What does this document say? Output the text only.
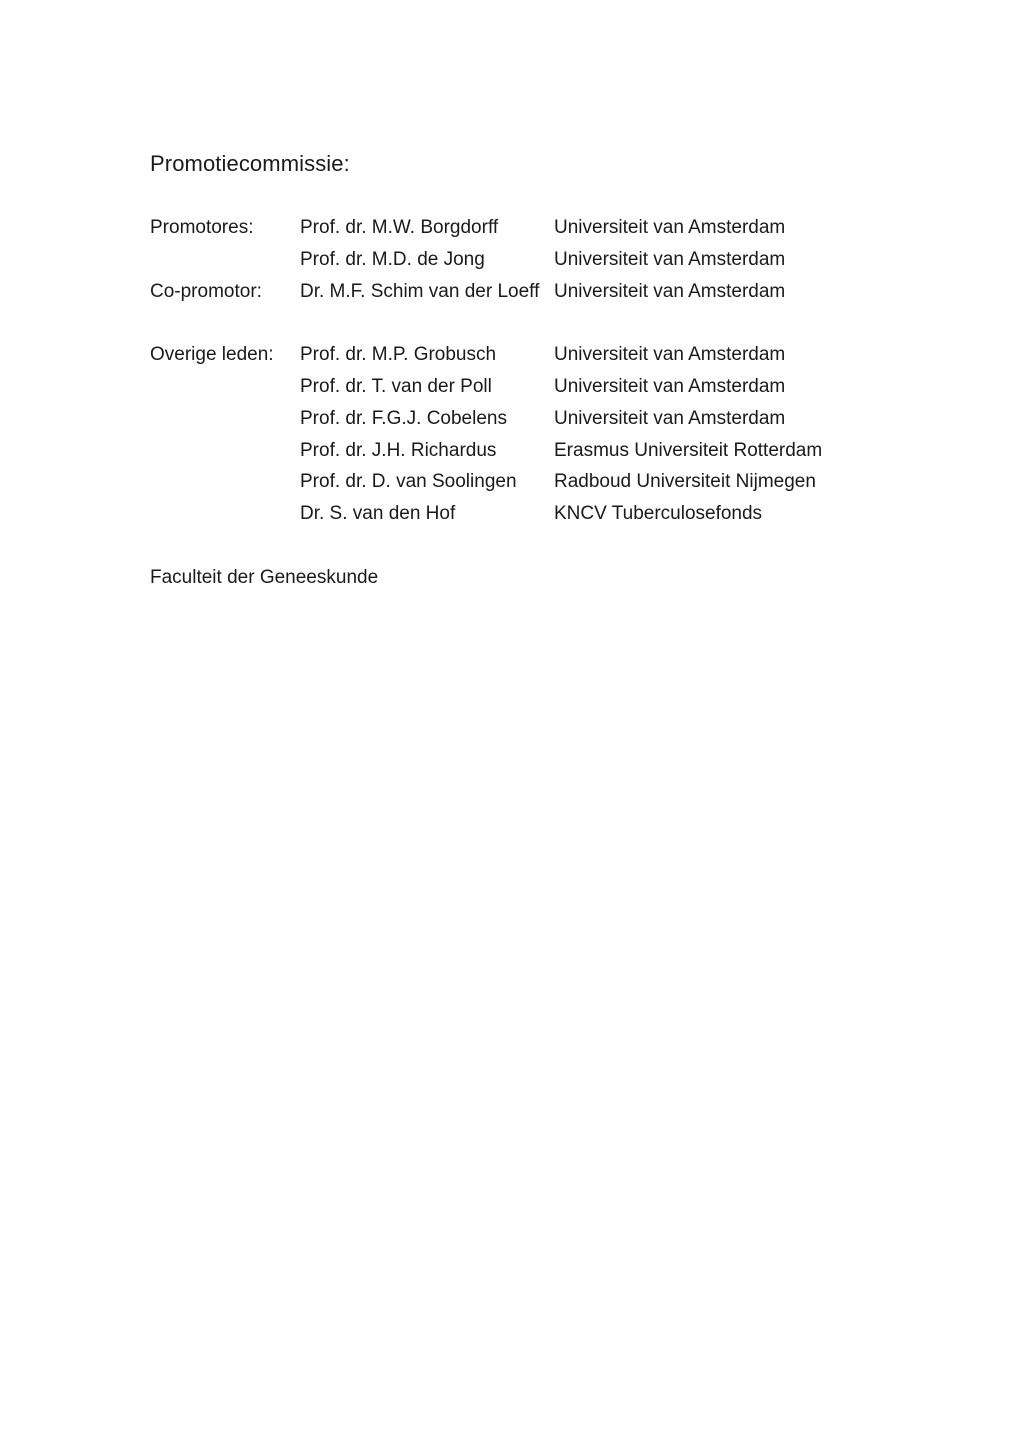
Promotiecommissie:
Promotores: Prof. dr. M.W. Borgdorff	Universiteit van Amsterdam
Prof. dr. M.D. de Jong	Universiteit van Amsterdam
Co-promotor: Dr. M.F. Schim van der Loeff Universiteit van Amsterdam
Overige leden: Prof. dr. M.P. Grobusch	Universiteit van Amsterdam
Prof. dr. T. van der Poll	Universiteit van Amsterdam
Prof. dr. F.G.J. Cobelens Universiteit van Amsterdam
Prof. dr. J.H. Richardus	Erasmus Universiteit Rotterdam
Prof. dr. D. van Soolingen Radboud Universiteit Nijmegen
Dr. S. van den Hof	KNCV Tuberculosefonds
Faculteit der Geneeskunde
